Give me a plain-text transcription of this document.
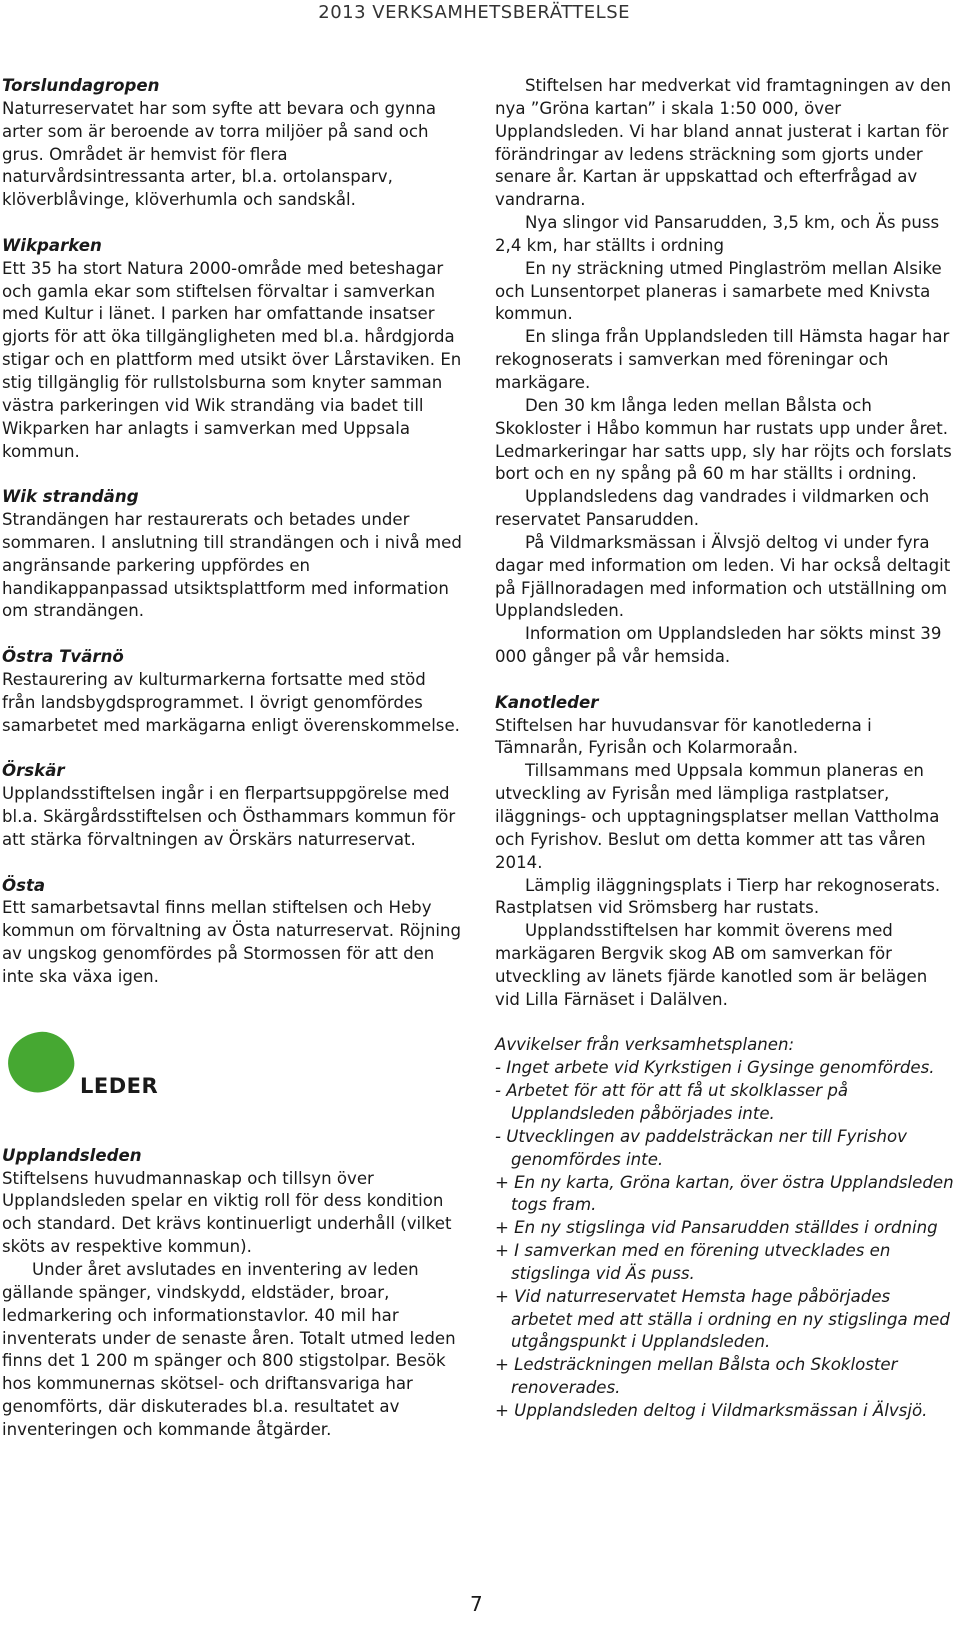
2013 VERKSAMHETSBERÄTTELSE
Torslundagropen

Naturreservatet har som syfte att bevara och gynna arter som är beroende av torra miljöer på sand och grus. Området är hemvist för flera naturvårdsintressanta arter, bl.a. ortolansparv, klöverblåvinge, klöverhumla och sandskål.

Wikparken

Ett 35 ha stort Natura 2000-område med beteshagar och gamla ekar som stiftelsen förvaltar i samverkan med Kultur i länet. I parken har omfattande insatser gjorts för att öka tillgängligheten med bl.a. hårdgjorda stigar och en plattform med utsikt över Lårstaviken. En stig tillgänglig för rullstolsburna som knyter samman västra parkeringen vid Wik strandäng via badet till Wikparken har anlagts i samverkan med Uppsala kommun.

Wik strandäng

Strandängen har restaurerats och betades under sommaren. I anslutning till strandängen och i nivå med angränsande parkering uppfördes en handikappanpassad utsiktsplattform med information om strandängen.

Östra Tvärnö

Restaurering av kulturmarkerna fortsatte med stöd från landsbygdsprogrammet. I övrigt genomfördes samarbetet med markägarna enligt överenskommelse.

Örskär

Upplandsstiftelsen ingår i en flerpartsuppgörelse med bl.a. Skärgårdsstiftelsen och Östhammars kommun för att stärka förvaltningen av Örskärs naturreservat.

Östa

Ett samarbetsavtal finns mellan stiftelsen och Heby kommun om förvaltning av Östa naturreservat. Röjning av ungskog genomfördes på Stormossen för att den inte ska växa igen.

LEDER
Upplandsleden

Stiftelsens huvudmannaskap och tillsyn över Upplandsleden spelar en viktig roll för dess kondition och standard. Det krävs kontinuerligt underhåll (vilket sköts av respektive kommun).

Under året avslutades en inventering av leden gällande spänger, vindskydd, eldstäder, broar, ledmarkering och informationstavlor. 40 mil har inventerats under de senaste åren. Totalt utmed leden finns det 1 200 m spänger och 800 stigstolpar. Besök hos kommunernas skötsel- och driftansvariga har genomförts, där diskuterades bl.a. resultatet av inventeringen och kommande åtgärder.

Stiftelsen har medverkat vid framtagningen av den nya ”Gröna kartan” i skala 1:50 000, över Upplandsleden. Vi har bland annat justerat i kartan för förändringar av ledens sträckning som gjorts under senare år. Kartan är uppskattad och efterfrågad av vandrarna.

Nya slingor vid Pansarudden, 3,5 km, och Äs puss 2,4 km, har ställts i ordning

En ny sträckning utmed Pinglaström mellan Alsike och Lunsentorpet planeras i samarbete med Knivsta kommun.

En slinga från Upplandsleden till Hämsta hagar har rekognoserats i samverkan med föreningar och markägare.

Den 30 km långa leden mellan Bålsta och Skokloster i Håbo kommun har rustats upp under året. Ledmarkeringar har satts upp, sly har röjts och forslats bort och en ny spång på 60 m har ställts i ordning.

Upplandsledens dag vandrades i vildmarken och reservatet Pansarudden.

På Vildmarksmässan i Älvsjö deltog vi under fyra dagar med information om leden. Vi har också deltagit på Fjällnoradagen med information och utställning om Upplandsleden.

Information om Upplandsleden har sökts minst 39 000 gånger på vår hemsida.

Kanotleder

Stiftelsen har huvudansvar för kanotlederna i Tämnarån, Fyrisån och Kolarmoraån.

Tillsammans med Uppsala kommun planeras en utveckling av Fyrisån med lämpliga rastplatser, iläggnings- och upptagningsplatser mellan Vattholma och Fyrishov. Beslut om detta kommer att tas våren 2014.

Lämplig iläggningsplats i Tierp har rekognoserats. Rastplatsen vid Srömsberg har rustats.

Upplandsstiftelsen har kommit överens med markägaren Bergvik skog AB om samverkan för utveckling av länets fjärde kanotled som är belägen vid Lilla Färnäset i Dalälven.

Avvikelser från verksamhetsplanen:
- Inget arbete vid Kyrkstigen i Gysinge genomfördes.
- Arbetet för att för att få ut skolklasser på Upplandsleden påbörjades inte.
- Utvecklingen av paddelsträckan ner till Fyrishov genomfördes inte.
+ En ny karta, Gröna kartan, över östra Upplandsleden togs fram.
+ En ny stigslinga vid Pansarudden ställdes i ordning
+ I samverkan med en förening utvecklades en stigslinga vid Äs puss.
+ Vid naturreservatet Hemsta hage påbörjades arbetet med att ställa i ordning en ny stigslinga med utgångspunkt i Upplandsleden.
+ Ledsträckningen mellan Bålsta och Skokloster renoverades.
+ Upplandsleden deltog i Vildmarksmässan i Älvsjö.
7
